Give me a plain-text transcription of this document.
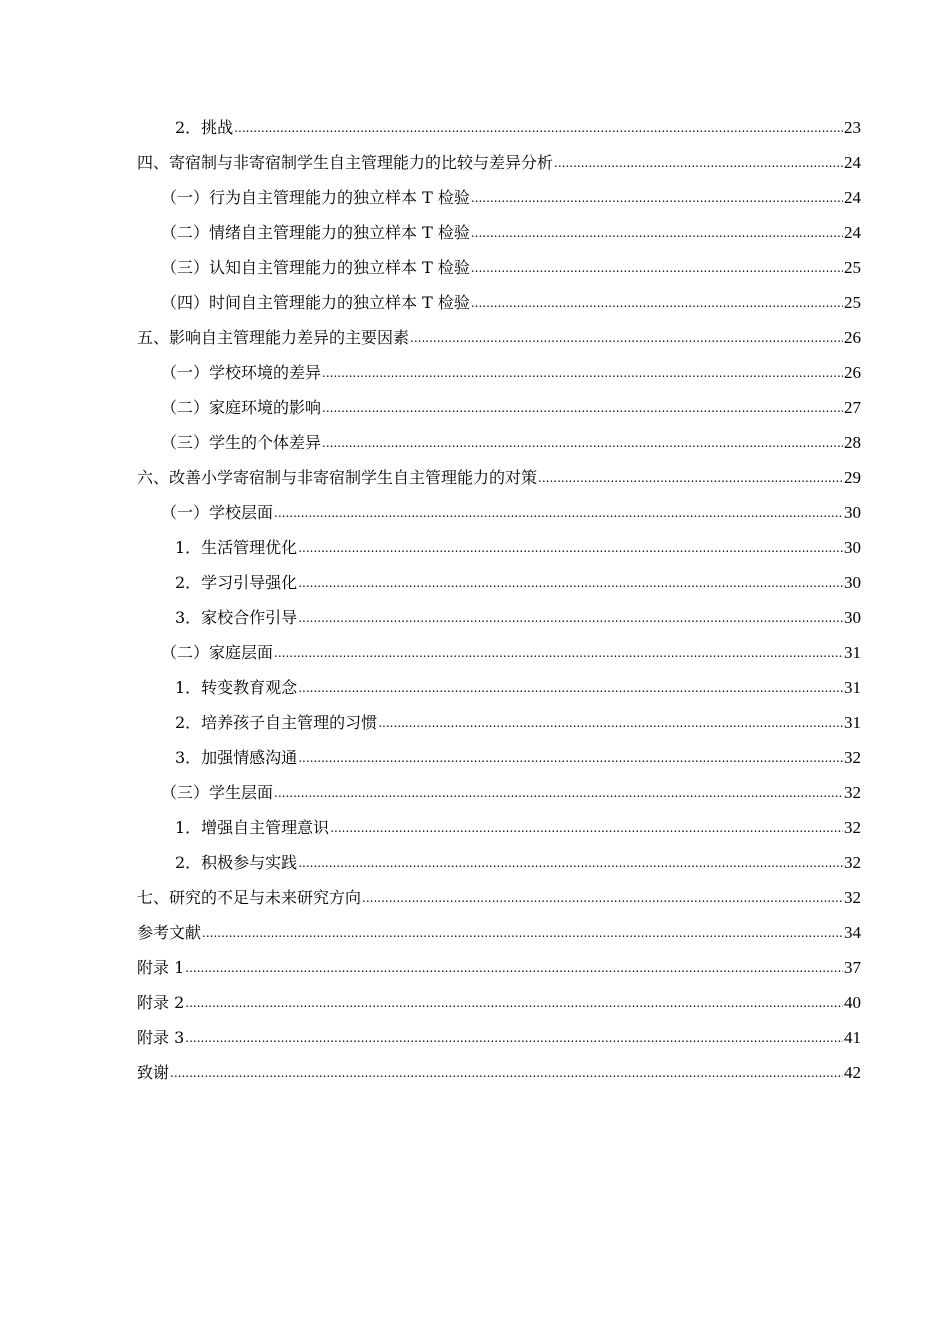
2．挑战 .....	23
四、寄宿制与非寄宿制学生自主管理能力的比较与差异分析 .....	24
（一）行为自主管理能力的独立样本 T 检验 .....	24
（二）情绪自主管理能力的独立样本 T 检验 .....	24
（三）认知自主管理能力的独立样本 T 检验 .....	25
（四）时间自主管理能力的独立样本 T 检验 .....	25
五、影响自主管理能力差异的主要因素 .....	26
（一）学校环境的差异 .....	26
（二）家庭环境的影响 .....	27
（三）学生的个体差异 .....	28
六、改善小学寄宿制与非寄宿制学生自主管理能力的对策 .....	29
（一）学校层面 .....	30
1．生活管理优化 .....	30
2．学习引导强化 .....	30
3．家校合作引导 .....	30
（二）家庭层面 .....	31
1．转变教育观念 .....	31
2．培养孩子自主管理的习惯 .....	31
3．加强情感沟通 .....	32
（三）学生层面 .....	32
1．增强自主管理意识 .....	32
2．积极参与实践 .....	32
七、研究的不足与未来研究方向 .....	32
参考文献 .....	34
附录 1 .....	37
附录 2 .....	40
附录 3 .....	41
致谢 .....	42
